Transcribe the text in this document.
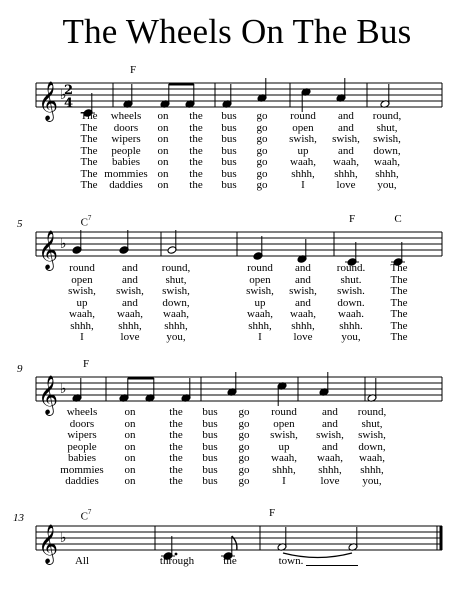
The Wheels On The Bus
𝄞 ♭
2
4
F
The
The
The
The
The
The
The
wheels
doors
wipers
people
babies
mommies
daddies
on
on
on
on
on
on
on
the
the
the
the
the
the
the
bus
bus
bus
bus
bus
bus
bus
go
go
go
go
go
go
go
round
open
swish,
up
waah,
shhh,
I
and
and
swish,
and
waah,
shhh,
love
round,
shut,
swish,
down,
waah,
shhh,
you,
𝄞 ♭
5	$C^7$	F	C
round
open
swish,
up
waah,
shhh,
I
and
and
swish,
and
waah,
shhh,
love
round,
shut,
swish,
down,
waah,
shhh,
you,
round
open
swish,
up
waah,
shhh,
I
and
and
swish,
and
waah,
shhh,
love
round.
shut.
swish.
down.
waah.
shhh.
you,
The
The
The
The
The
The
The
𝄞 ♭
9	F
wheels
doors
wipers
people
babies
mommies
daddies
on
on
on
on
on
on
on
the
the
the
the
the
the
the
bus
bus
bus
bus
bus
bus
bus
go
go
go
go
go
go
go
round
open
swish,
up
waah,
shhh,
I
and
and
swish,
and
waah,
shhh,
love
round,
shut,
swish,
down,
waah,
shhh,
you,
𝄞 ♭
13	$C^7$	F
All	through	the	town.
